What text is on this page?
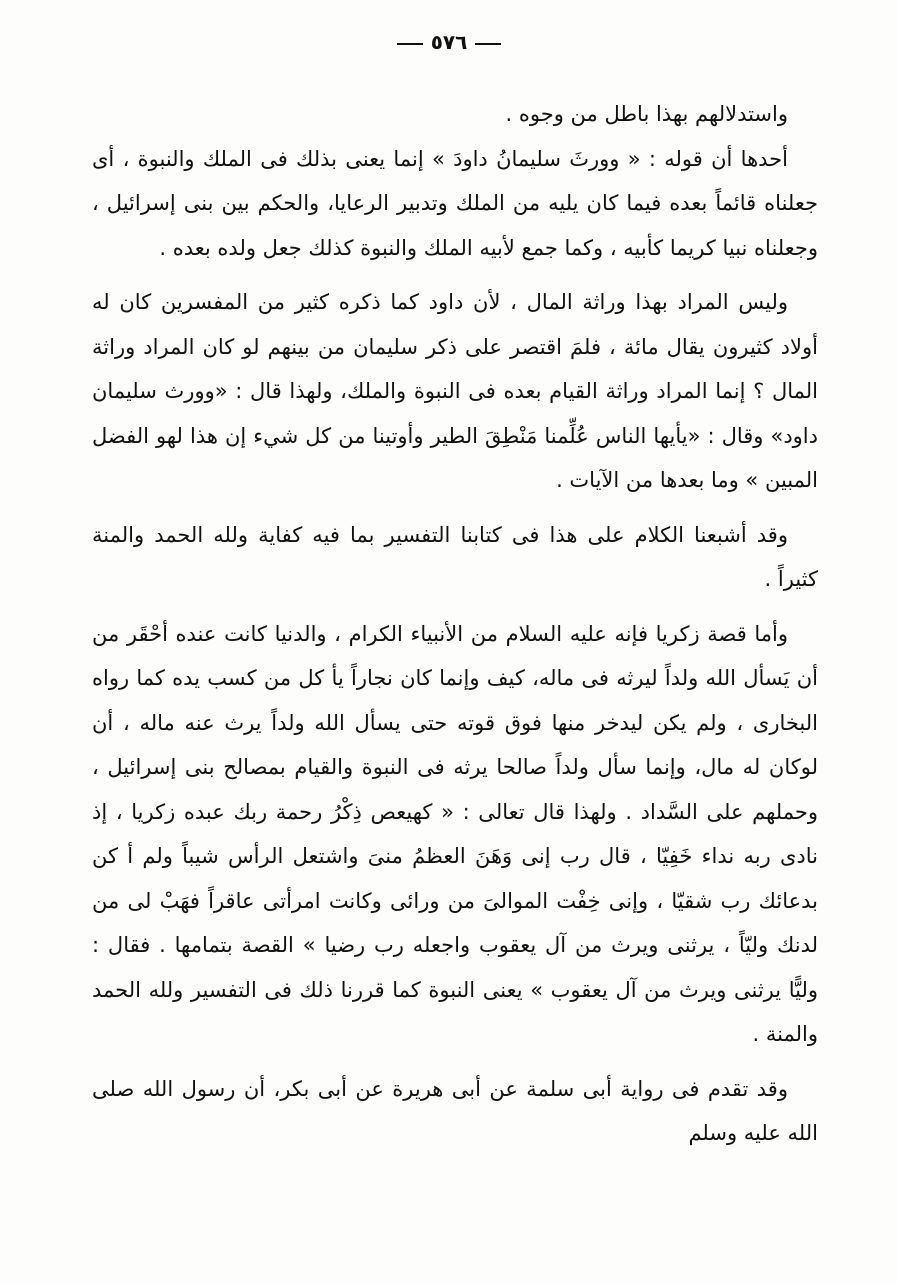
٥٧٦

واستدلالهم بهذا باطل من وجوه .

أحدها أن قوله : « وورثَ سليمانُ داودَ » إنما يعنى بذلك فى الملك والنبوة ، أى جعلناه قائماً بعده فيما كان يليه من الملك وتدبير الرعايا، والحكم بين بنى إسرائيل ، وجعلناه نبيا كريما كأبيه ، وكما جمع لأبيه الملك والنبوة كذلك جعل ولده بعده .

وليس المراد بهذا وراثة المال ، لأن داود كما ذكره كثير من المفسرين كان له أولاد كثيرون يقال مائة ، فلمَ اقتصر على ذكر سليمان من بينهم لو كان المراد وراثة المال ؟ إنما المراد وراثة القيام بعده فى النبوة والملك، ولهذا قال : «وورث سليمان داود» وقال : «يأيها الناس عُلِّمنا مَنْطِقَ الطير وأوتينا من كل شيء إن هذا لهو الفضل المبين » وما بعدها من الآيات .

وقد أشبعنا الكلام على هذا فى كتابنا التفسير بما فيه كفاية ولله الحمد والمنة كثيراً .

وأما قصة زكريا فإنه عليه السلام من الأنبياء الكرام ، والدنيا كانت عنده أحْقَر من أن يَسأل الله ولداً ليرثه فى ماله، كيف وإنما كان نجاراً يأ كل من كسب يده كما رواه البخارى ، ولم يكن ليدخر منها فوق قوته حتى يسأل الله ولداً يرث عنه ماله ، أن لوكان له مال، وإنما سأل ولداً صالحا يرثه فى النبوة والقيام بمصالح بنى إسرائيل ، وحملهم على السَّداد . ولهذا قال تعالى : « كهيعص ذِكْرُ رحمة ربك عبده زكريا ، إذ نادى ربه نداء خَفِيّا ، قال رب إنى وَهَنَ العظمُ منىَ واشتعل الرأس شيباً ولم أ كن بدعائك رب شقيّا ، وإنى خِفْت الموالىَ من ورائى وكانت امرأتى عاقراً فهَبْ لى من لدنك وليّاً ، يرثنى ويرث من آل يعقوب واجعله رب رضيا » القصة بتمامها . فقال : وليًّا يرثنى ويرث من آل يعقوب » يعنى النبوة كما قررنا ذلك فى التفسير ولله الحمد والمنة .

وقد تقدم فى رواية أبى سلمة عن أبى هريرة عن أبى بكر، أن رسول الله صلى الله عليه وسلم
